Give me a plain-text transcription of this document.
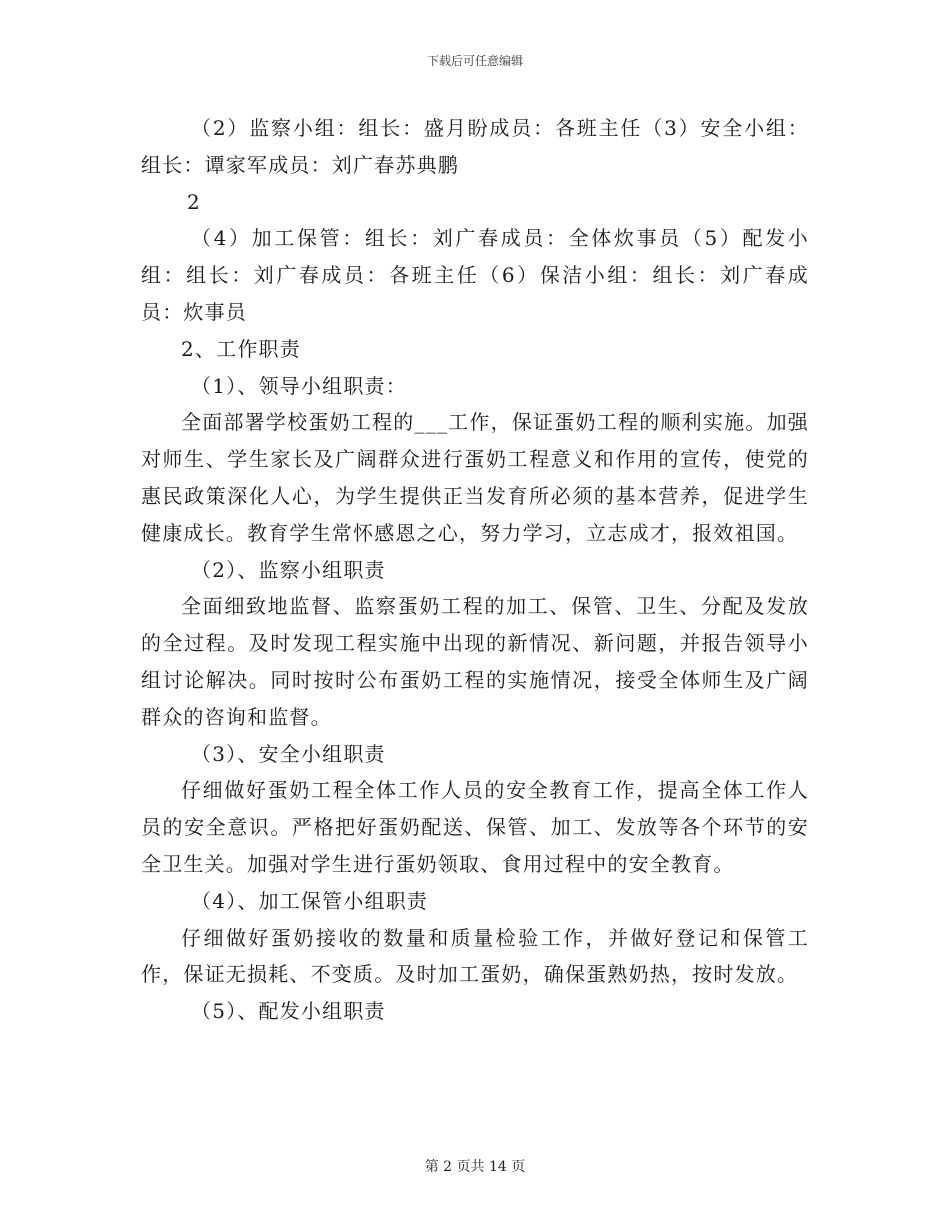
下载后可任意编辑

（2）监察小组：组长：盛月盼成员：各班主任（3）安全小组：组长：谭家军成员：刘广春苏典鹏

2

（4）加工保管：组长：刘广春成员：全体炊事员（5）配发小组：组长：刘广春成员：各班主任（6）保洁小组：组长：刘广春成员：炊事员

2、工作职责

（1）、领导小组职责：

全面部署学校蛋奶工程的___工作，保证蛋奶工程的顺利实施。加强对师生、学生家长及广阔群众进行蛋奶工程意义和作用的宣传，使党的惠民政策深化人心，为学生提供正当发育所必须的基本营养，促进学生健康成长。教育学生常怀感恩之心，努力学习，立志成才，报效祖国。

（2）、监察小组职责

全面细致地监督、监察蛋奶工程的加工、保管、卫生、分配及发放的全过程。及时发现工程实施中出现的新情况、新问题，并报告领导小组讨论解决。同时按时公布蛋奶工程的实施情况，接受全体师生及广阔群众的咨询和监督。

（3）、安全小组职责

仔细做好蛋奶工程全体工作人员的安全教育工作，提高全体工作人员的安全意识。严格把好蛋奶配送、保管、加工、发放等各个环节的安全卫生关。加强对学生进行蛋奶领取、食用过程中的安全教育。

（4）、加工保管小组职责

仔细做好蛋奶接收的数量和质量检验工作，并做好登记和保管工作，保证无损耗、不变质。及时加工蛋奶，确保蛋熟奶热，按时发放。

（5）、配发小组职责

第 2 页共 14 页
